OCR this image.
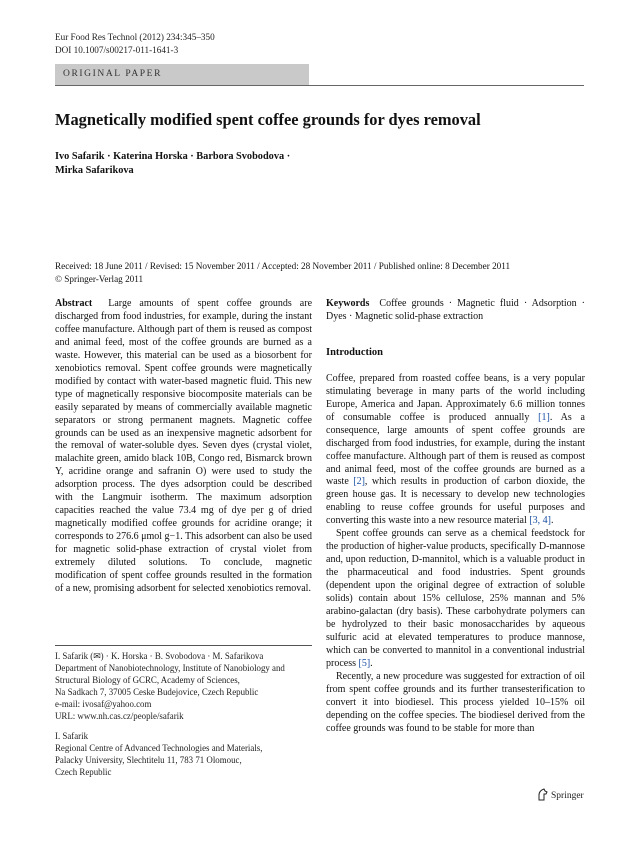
Eur Food Res Technol (2012) 234:345–350
DOI 10.1007/s00217-011-1641-3
ORIGINAL PAPER
Magnetically modified spent coffee grounds for dyes removal
Ivo Safarik · Katerina Horska · Barbora Svobodova ·
Mirka Safarikova
Received: 18 June 2011 / Revised: 15 November 2011 / Accepted: 28 November 2011 / Published online: 8 December 2011
© Springer-Verlag 2011

Abstract Large amounts of spent coffee grounds are discharged from food industries, for example, during the instant coffee manufacture. Although part of them is reused as compost and animal feed, most of the coffee grounds are burned as a waste. However, this material can be used as a biosorbent for xenobiotics removal. Spent coffee grounds were magnetically modified by contact with water-based magnetic fluid. This new type of magnetically responsive biocomposite materials can be easily separated by means of commercially available magnetic separators or strong permanent magnets. Magnetic coffee grounds can be used as an inexpensive magnetic adsorbent for the removal of water-soluble dyes. Seven dyes (crystal violet, malachite green, amido black 10B, Congo red, Bismarck brown Y, acridine orange and safranin O) were used to study the adsorption process. The dyes adsorption could be described with the Langmuir isotherm. The maximum adsorption capacities reached the value 73.4 mg of dye per g of dried magnetically modified coffee grounds for acridine orange; it corresponds to 276.6 μmol g−1. This adsorbent can also be used for magnetic solid-phase extraction of crystal violet from extremely diluted solutions. To conclude, magnetic modification of spent coffee grounds resulted in the formation of a new, promising adsorbent for selected xenobiotics removal.

I. Safarik (✉) · K. Horska · B. Svobodova · M. Safarikova
Department of Nanobiotechnology, Institute of Nanobiology and
Structural Biology of GCRC, Academy of Sciences,
Na Sadkach 7, 37005 Ceske Budejovice, Czech Republic
e-mail: ivosaf@yahoo.com
URL: www.nh.cas.cz/people/safarik

I. Safarik
Regional Centre of Advanced Technologies and Materials,
Palacky University, Slechtitelu 11, 783 71 Olomouc,
Czech Republic

Keywords Coffee grounds · Magnetic fluid · Adsorption · Dyes · Magnetic solid-phase extraction

Introduction

Coffee, prepared from roasted coffee beans, is a very popular stimulating beverage in many parts of the world including Europe, America and Japan. Approximately 6.6 million tonnes of consumable coffee is produced annually [1]. As a consequence, large amounts of spent coffee grounds are discharged from food industries, for example, during the instant coffee manufacture. Although part of them is reused as compost and animal feed, most of the coffee grounds are burned as a waste [2], which results in production of carbon dioxide, the green house gas. It is necessary to develop new technologies enabling to reuse coffee grounds for useful purposes and converting this waste into a new resource material [3, 4].

Spent coffee grounds can serve as a chemical feedstock for the production of higher-value products, specifically D-mannose and, upon reduction, D-mannitol, which is a valuable product in the pharmaceutical and food industries. Spent grounds (dependent upon the original degree of extraction of soluble solids) contain about 15% cellulose, 25% mannan and 5% arabino-galactan (dry basis). These carbohydrate polymers can be hydrolyzed to their basic monosaccharides by aqueous sulfuric acid at elevated temperatures to produce mannose, which can be converted to mannitol in a conventional industrial process [5].

Recently, a new procedure was suggested for extraction of oil from spent coffee grounds and its further transesterification to convert it into biodiesel. This process yielded 10–15% oil depending on the coffee species. The biodiesel derived from the coffee grounds was found to be stable for more than

Springer
